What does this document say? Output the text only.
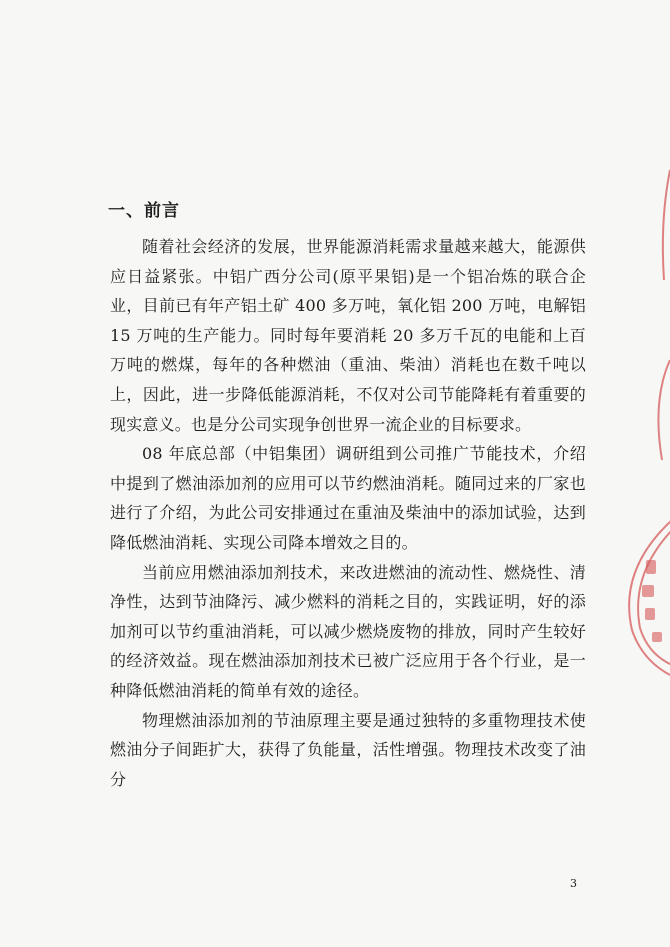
一、前言

随着社会经济的发展，世界能源消耗需求量越来越大，能源供应日益紧张。中铝广西分公司(原平果铝)是一个铝冶炼的联合企业，目前已有年产铝土矿 400 多万吨，氧化铝 200 万吨，电解铝 15 万吨的生产能力。同时每年要消耗 20 多万千瓦的电能和上百万吨的燃煤，每年的各种燃油（重油、柴油）消耗也在数千吨以上，因此，进一步降低能源消耗，不仅对公司节能降耗有着重要的现实意义。也是分公司实现争创世界一流企业的目标要求。

08 年底总部（中铝集团）调研组到公司推广节能技术，介绍中提到了燃油添加剂的应用可以节约燃油消耗。随同过来的厂家也进行了介绍，为此公司安排通过在重油及柴油中的添加试验，达到降低燃油消耗、实现公司降本增效之目的。

当前应用燃油添加剂技术，来改进燃油的流动性、燃烧性、清净性，达到节油降污、减少燃料的消耗之目的，实践证明，好的添加剂可以节约重油消耗，可以减少燃烧废物的排放，同时产生较好的经济效益。现在燃油添加剂技术已被广泛应用于各个行业，是一种降低燃油消耗的简单有效的途径。

物理燃油添加剂的节油原理主要是通过独特的多重物理技术使燃油分子间距扩大，获得了负能量，活性增强。物理技术改变了油分

3
